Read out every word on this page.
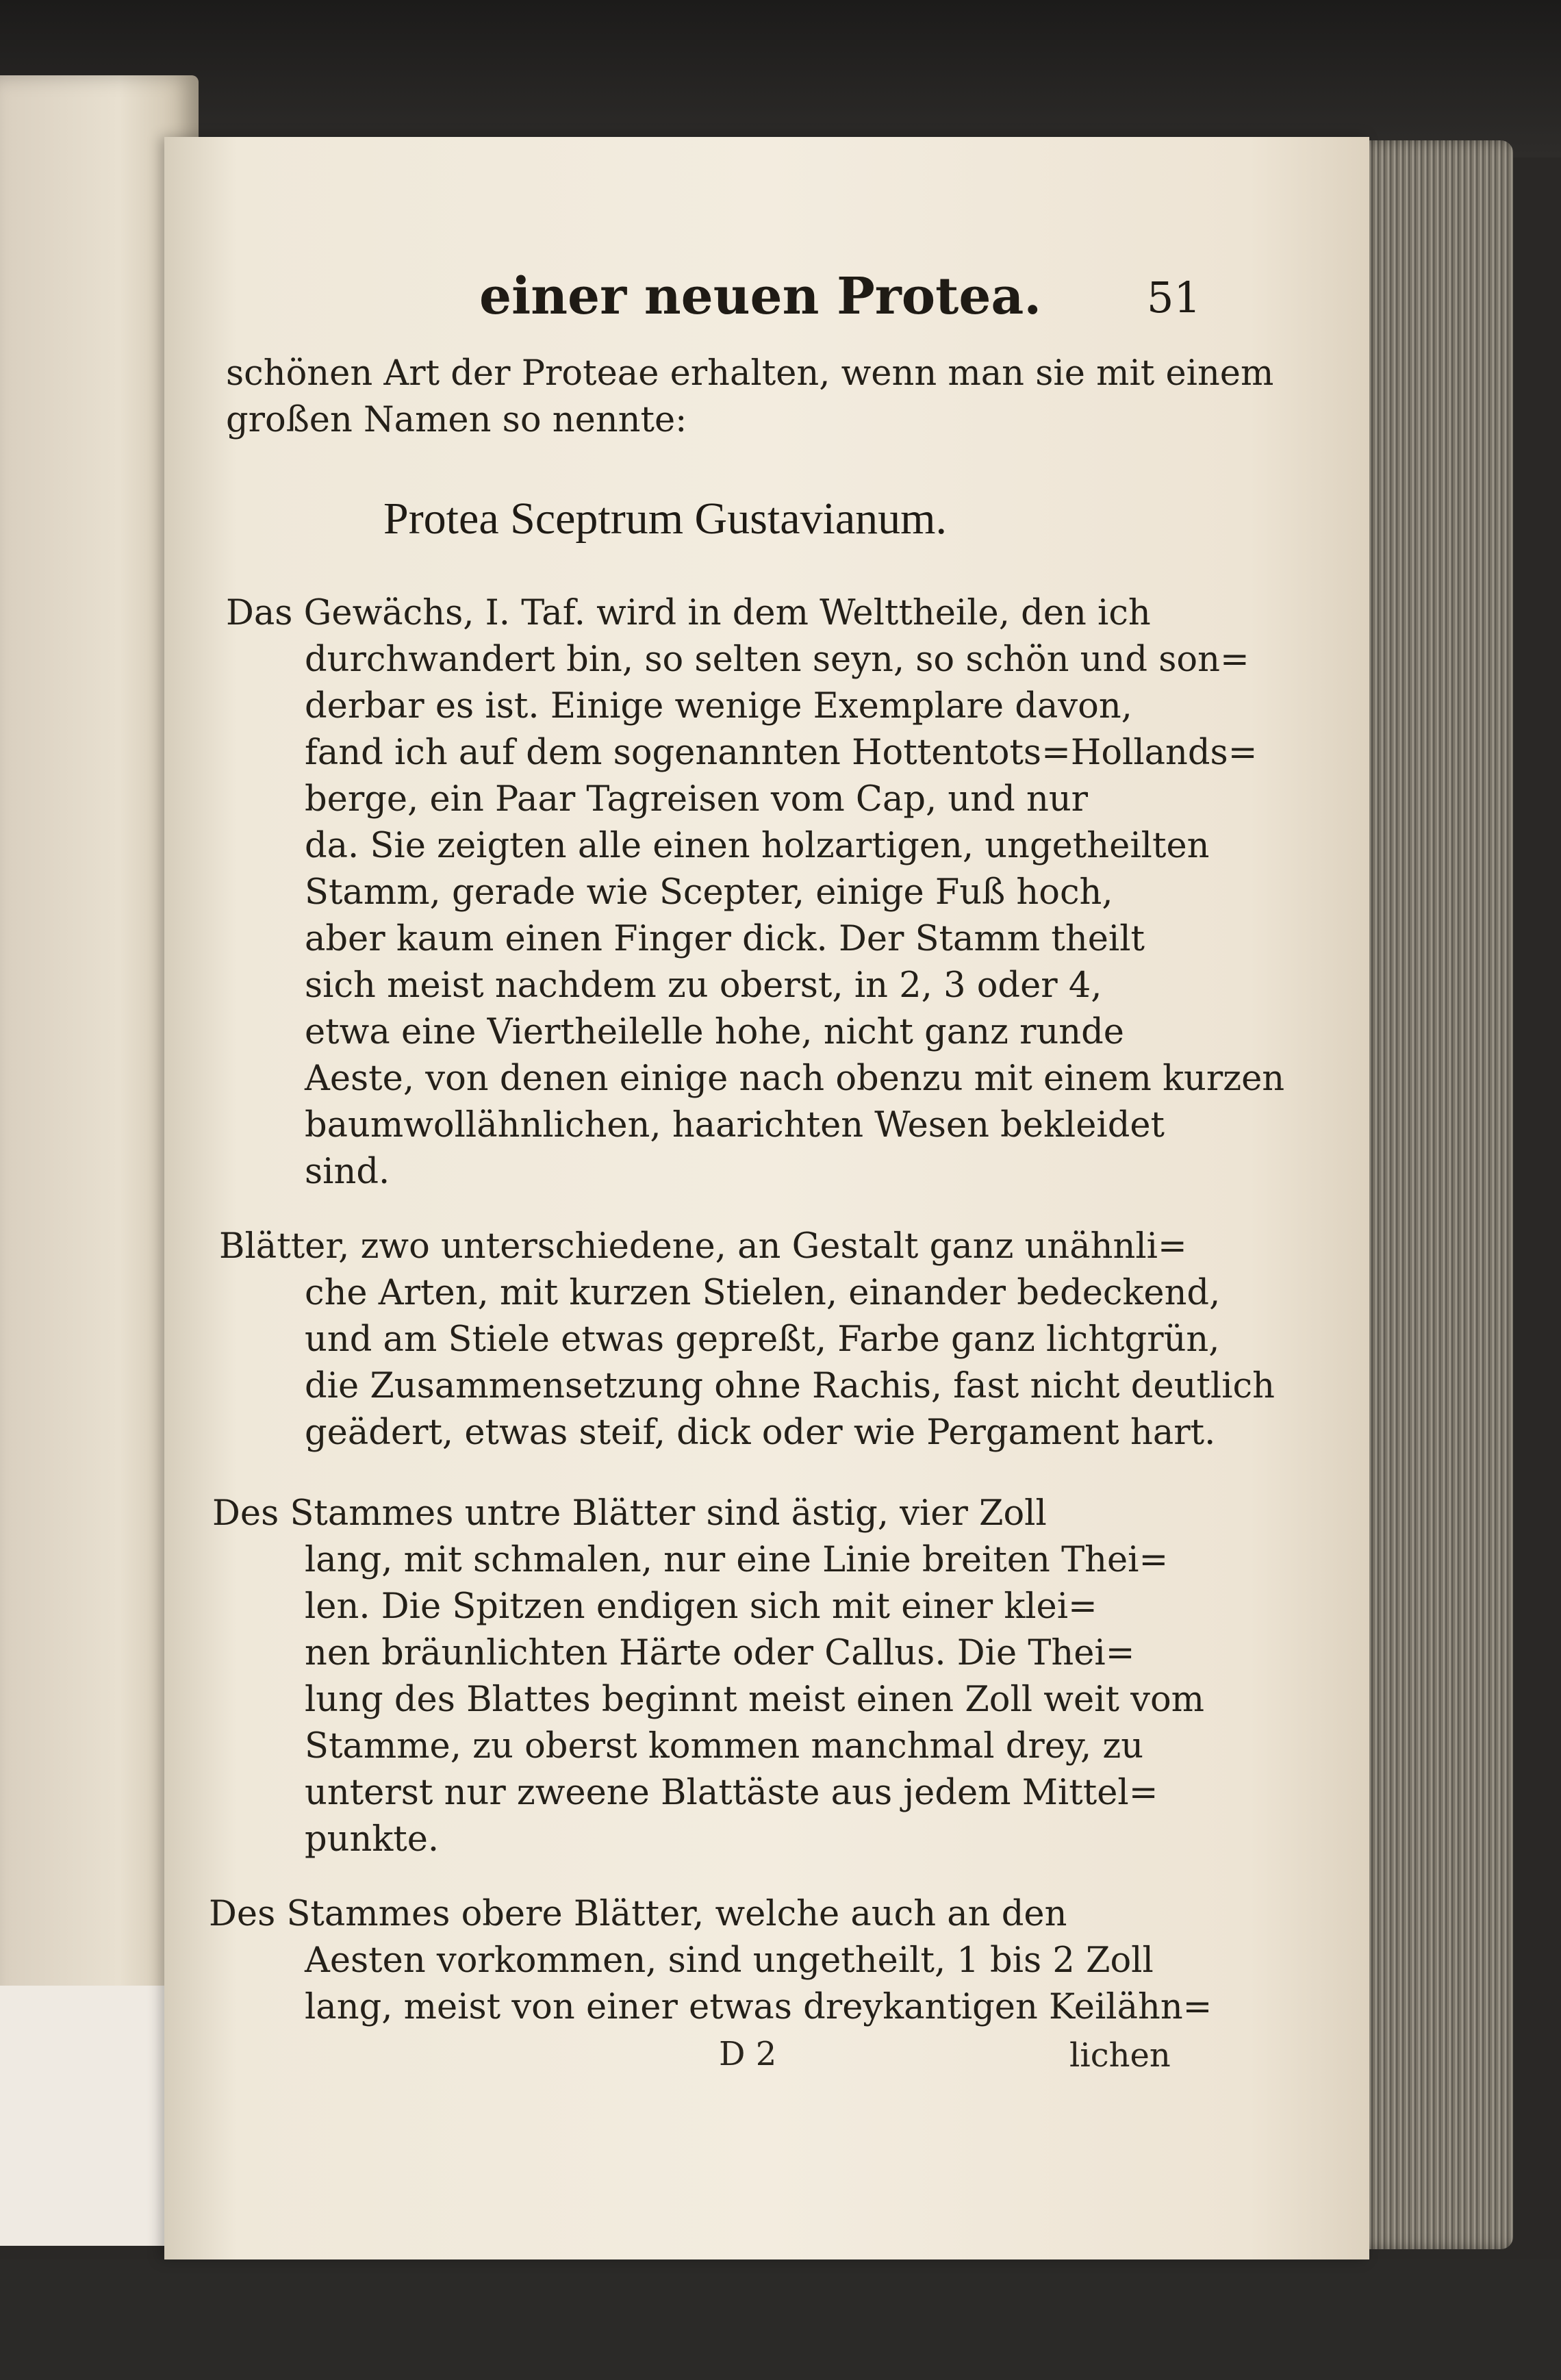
einer neuen Protea. 51
schönen Art der Proteae erhalten, wenn man sie mit einem
großen Namen so nennte:
Protea Sceptrum Gustavianum.
Das Gewächs, I. Taf. wird in dem Welttheile, den ich
durchwandert bin, so selten seyn, so schön und son=
derbar es ist. Einige wenige Exemplare davon,
fand ich auf dem sogenannten Hottentots=Hollands=
berge, ein Paar Tagreisen vom Cap, und nur
da. Sie zeigten alle einen holzartigen, ungetheilten
Stamm, gerade wie Scepter, einige Fuß hoch,
aber kaum einen Finger dick. Der Stamm theilt
sich meist nachdem zu oberst, in 2, 3 oder 4,
etwa eine Viertheilelle hohe, nicht ganz runde
Aeste, von denen einige nach obenzu mit einem kurzen
baumwollähnlichen, haarichten Wesen bekleidet
sind.
Blätter, zwo unterschiedene, an Gestalt ganz unähnli=
che Arten, mit kurzen Stielen, einander bedeckend,
und am Stiele etwas gepreßt, Farbe ganz lichtgrün,
die Zusammensetzung ohne Rachis, fast nicht deutlich
geädert, etwas steif, dick oder wie Pergament hart.
Des Stammes untre Blätter sind ästig, vier Zoll
lang, mit schmalen, nur eine Linie breiten Thei=
len. Die Spitzen endigen sich mit einer klei=
nen bräunlichten Härte oder Callus. Die Thei=
lung des Blattes beginnt meist einen Zoll weit vom
Stamme, zu oberst kommen manchmal drey, zu
unterst nur zweene Blattäste aus jedem Mittel=
punkte.
Des Stammes obere Blätter, welche auch an den
Aesten vorkommen, sind ungetheilt, 1 bis 2 Zoll
lang, meist von einer etwas dreykantigen Keilähn=
D 2	lichen
